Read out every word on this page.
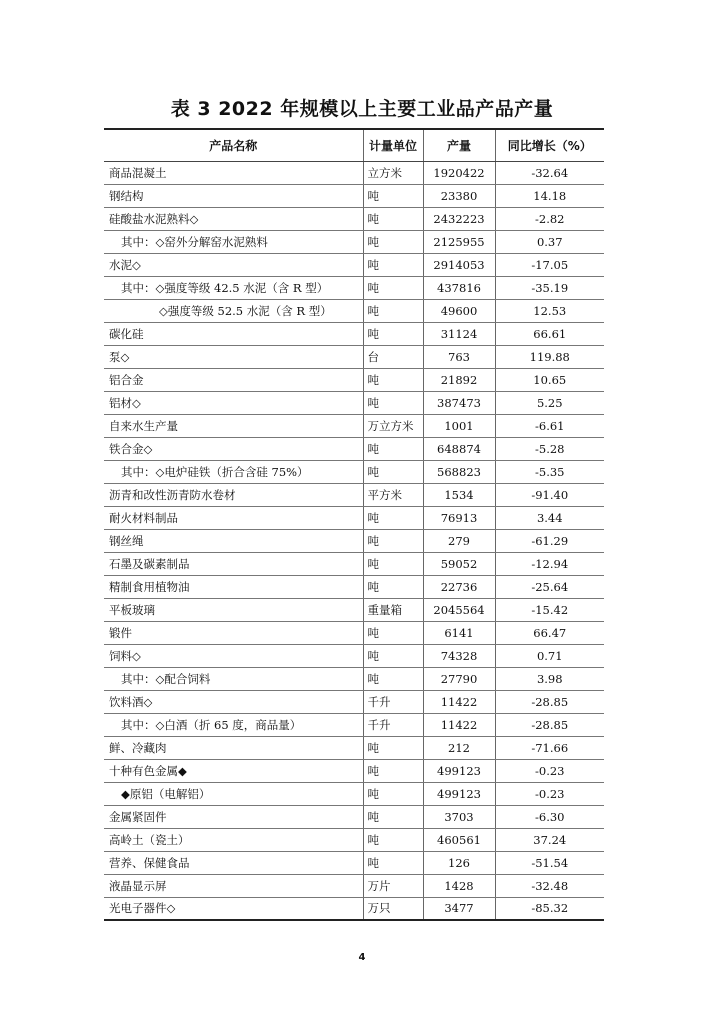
表 3 2022 年规模以上主要工业品产品产量
产品名称	计量单位	产量	同比增长（%）
商品混凝土	立方米	1920422	-32.64
钢结构	吨	23380	14.18
硅酸盐水泥熟料◇	吨	2432223	-2.82
其中：◇窑外分解窑水泥熟料	吨	2125955	0.37
水泥◇	吨	2914053	-17.05
其中：◇强度等级 42.5 水泥（含 R 型）	吨	437816	-35.19
◇强度等级 52.5 水泥（含 R 型）	吨	49600	12.53
碳化硅	吨	31124	66.61
泵◇	台	763	119.88
铝合金	吨	21892	10.65
铝材◇	吨	387473	5.25
自来水生产量	万立方米	1001	-6.61
铁合金◇	吨	648874	-5.28
其中：◇电炉硅铁（折合含硅 75%）	吨	568823	-5.35
沥青和改性沥青防水卷材	平方米	1534	-91.40
耐火材料制品	吨	76913	3.44
钢丝绳	吨	279	-61.29
石墨及碳素制品	吨	59052	-12.94
精制食用植物油	吨	22736	-25.64
平板玻璃	重量箱	2045564	-15.42
锻件	吨	6141	66.47
饲料◇	吨	74328	0.71
其中：◇配合饲料	吨	27790	3.98
饮料酒◇	千升	11422	-28.85
其中：◇白酒（折 65 度，商品量）	千升	11422	-28.85
鲜、冷藏肉	吨	212	-71.66
十种有色金属◆	吨	499123	-0.23
◆原铝（电解铝）	吨	499123	-0.23
金属紧固件	吨	3703	-6.30
高岭土（瓷土）	吨	460561	37.24
营养、保健食品	吨	126	-51.54
液晶显示屏	万片	1428	-32.48
光电子器件◇	万只	3477	-85.32
4
